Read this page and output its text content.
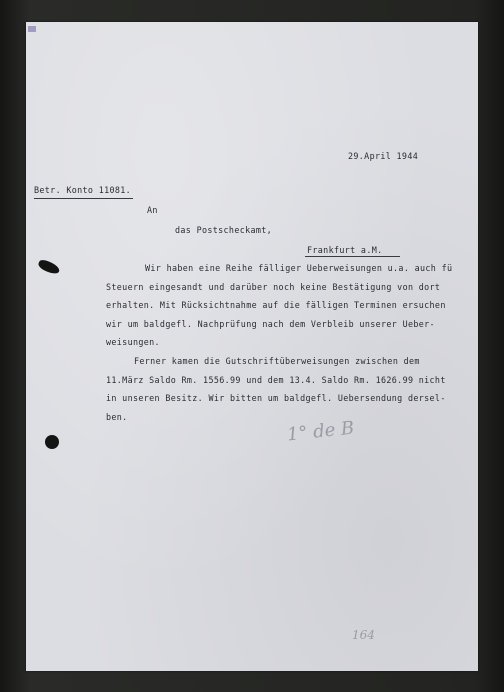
29.April 1944
Betr. Konto 11081.
An
das Postscheckamt,
Frankfurt a.M.
Wir haben eine Reihe fälliger Ueberweisungen u.a. auch fü
Steuern eingesandt und darüber noch keine Bestätigung von dort
erhalten. Mit Rücksichtnahme auf die fälligen Terminen ersuchen
wir um baldgefl. Nachprüfung nach dem Verbleib unserer Ueber-
weisungen.
Ferner kamen die Gutschriftüberweisungen zwischen dem
11.März Saldo Rm. 1556.99 und dem 13.4. Saldo Rm. 1626.99 nicht
in unseren Besitz. Wir bitten um baldgefl. Uebersendung dersel-
ben.
1° de B
164
